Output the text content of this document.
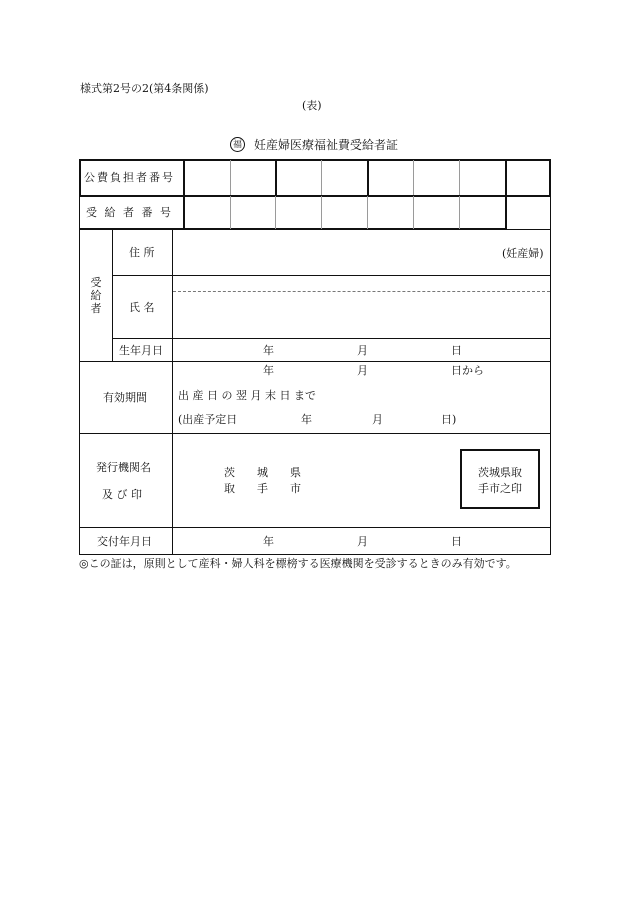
様式第2号の2(第4条関係)
(表)
福 妊産婦医療福祉費受給者証
公費負担者番号
受 給 者 番 号
受給者
住 所	(妊産婦)
氏 名
生年月日	年	月	日
有効期間
年	月	日から
出 産 日 の 翌 月 末 日 まで
(出産予定日	年	月	日)
発行機関名
及 び 印
茨　　城　　県
取　　手　　市
茨城県取
手市之印
交付年月日	年	月	日
◎この証は，原則として産科・婦人科を標榜する医療機関を受診するときのみ有効です。
